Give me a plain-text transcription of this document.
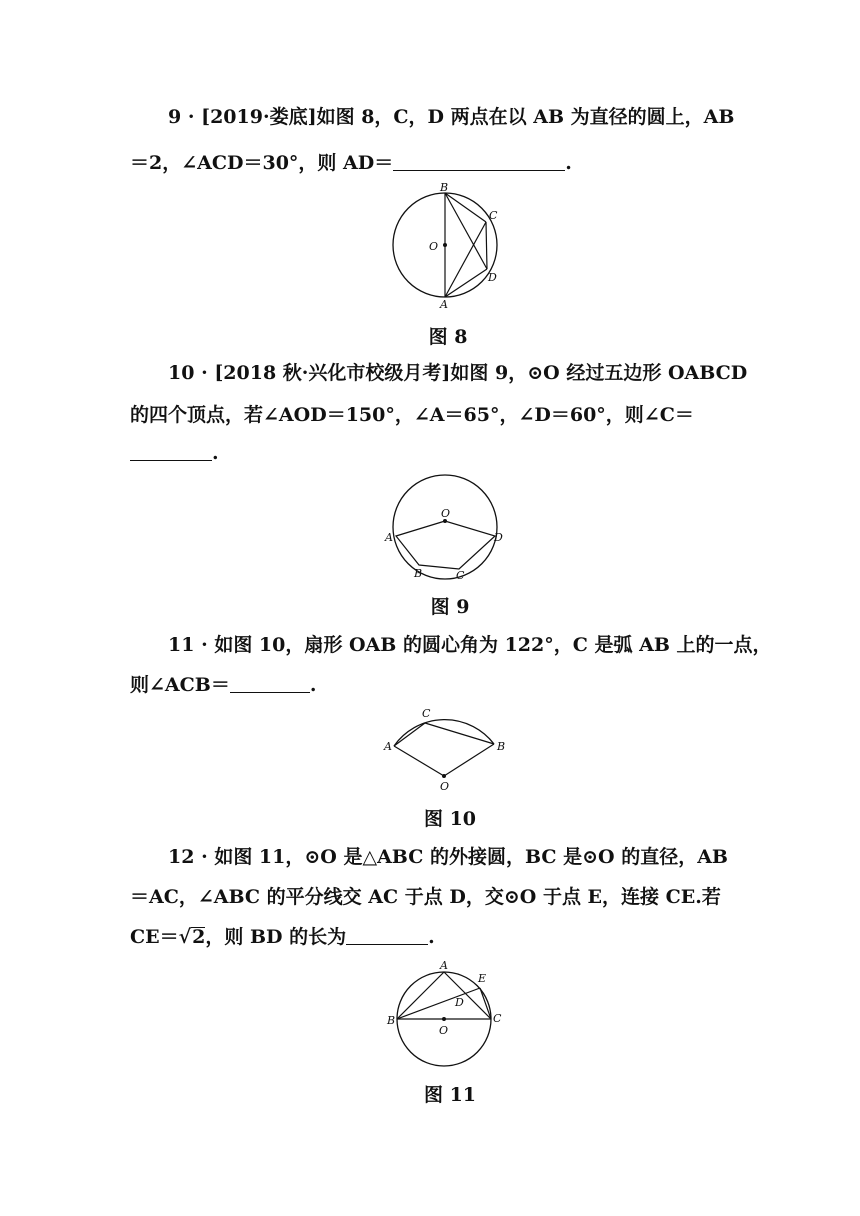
9 · [2019·娄底]如图 8，C，D 两点在以 AB 为直径的圆上，AB
＝2，∠ACD＝30°，则 AD＝	.
B
C
O
D
A
图 8
10 · [2018 秋·兴化市校级月考]如图 9，⊙O 经过五边形 OABCD
的四个顶点，若∠AOD＝150°，∠A＝65°，∠D＝60°，则∠C＝
.
O
A	D
B	C
图 9
11 · 如图 10，扇形 OAB 的圆心角为 122°，C 是弧 AB 上的一点，
则∠ACB＝	.
C
A	B
O
图 10
12 · 如图 11，⊙O 是△ABC 的外接圆，BC 是⊙O 的直径，AB
＝AC，∠ABC 的平分线交 AC 于点 D，交⊙O 于点 E，连接 CE.若
CE＝√2，则 BD 的长为	.
A
E
D
B
O
C
图 11
